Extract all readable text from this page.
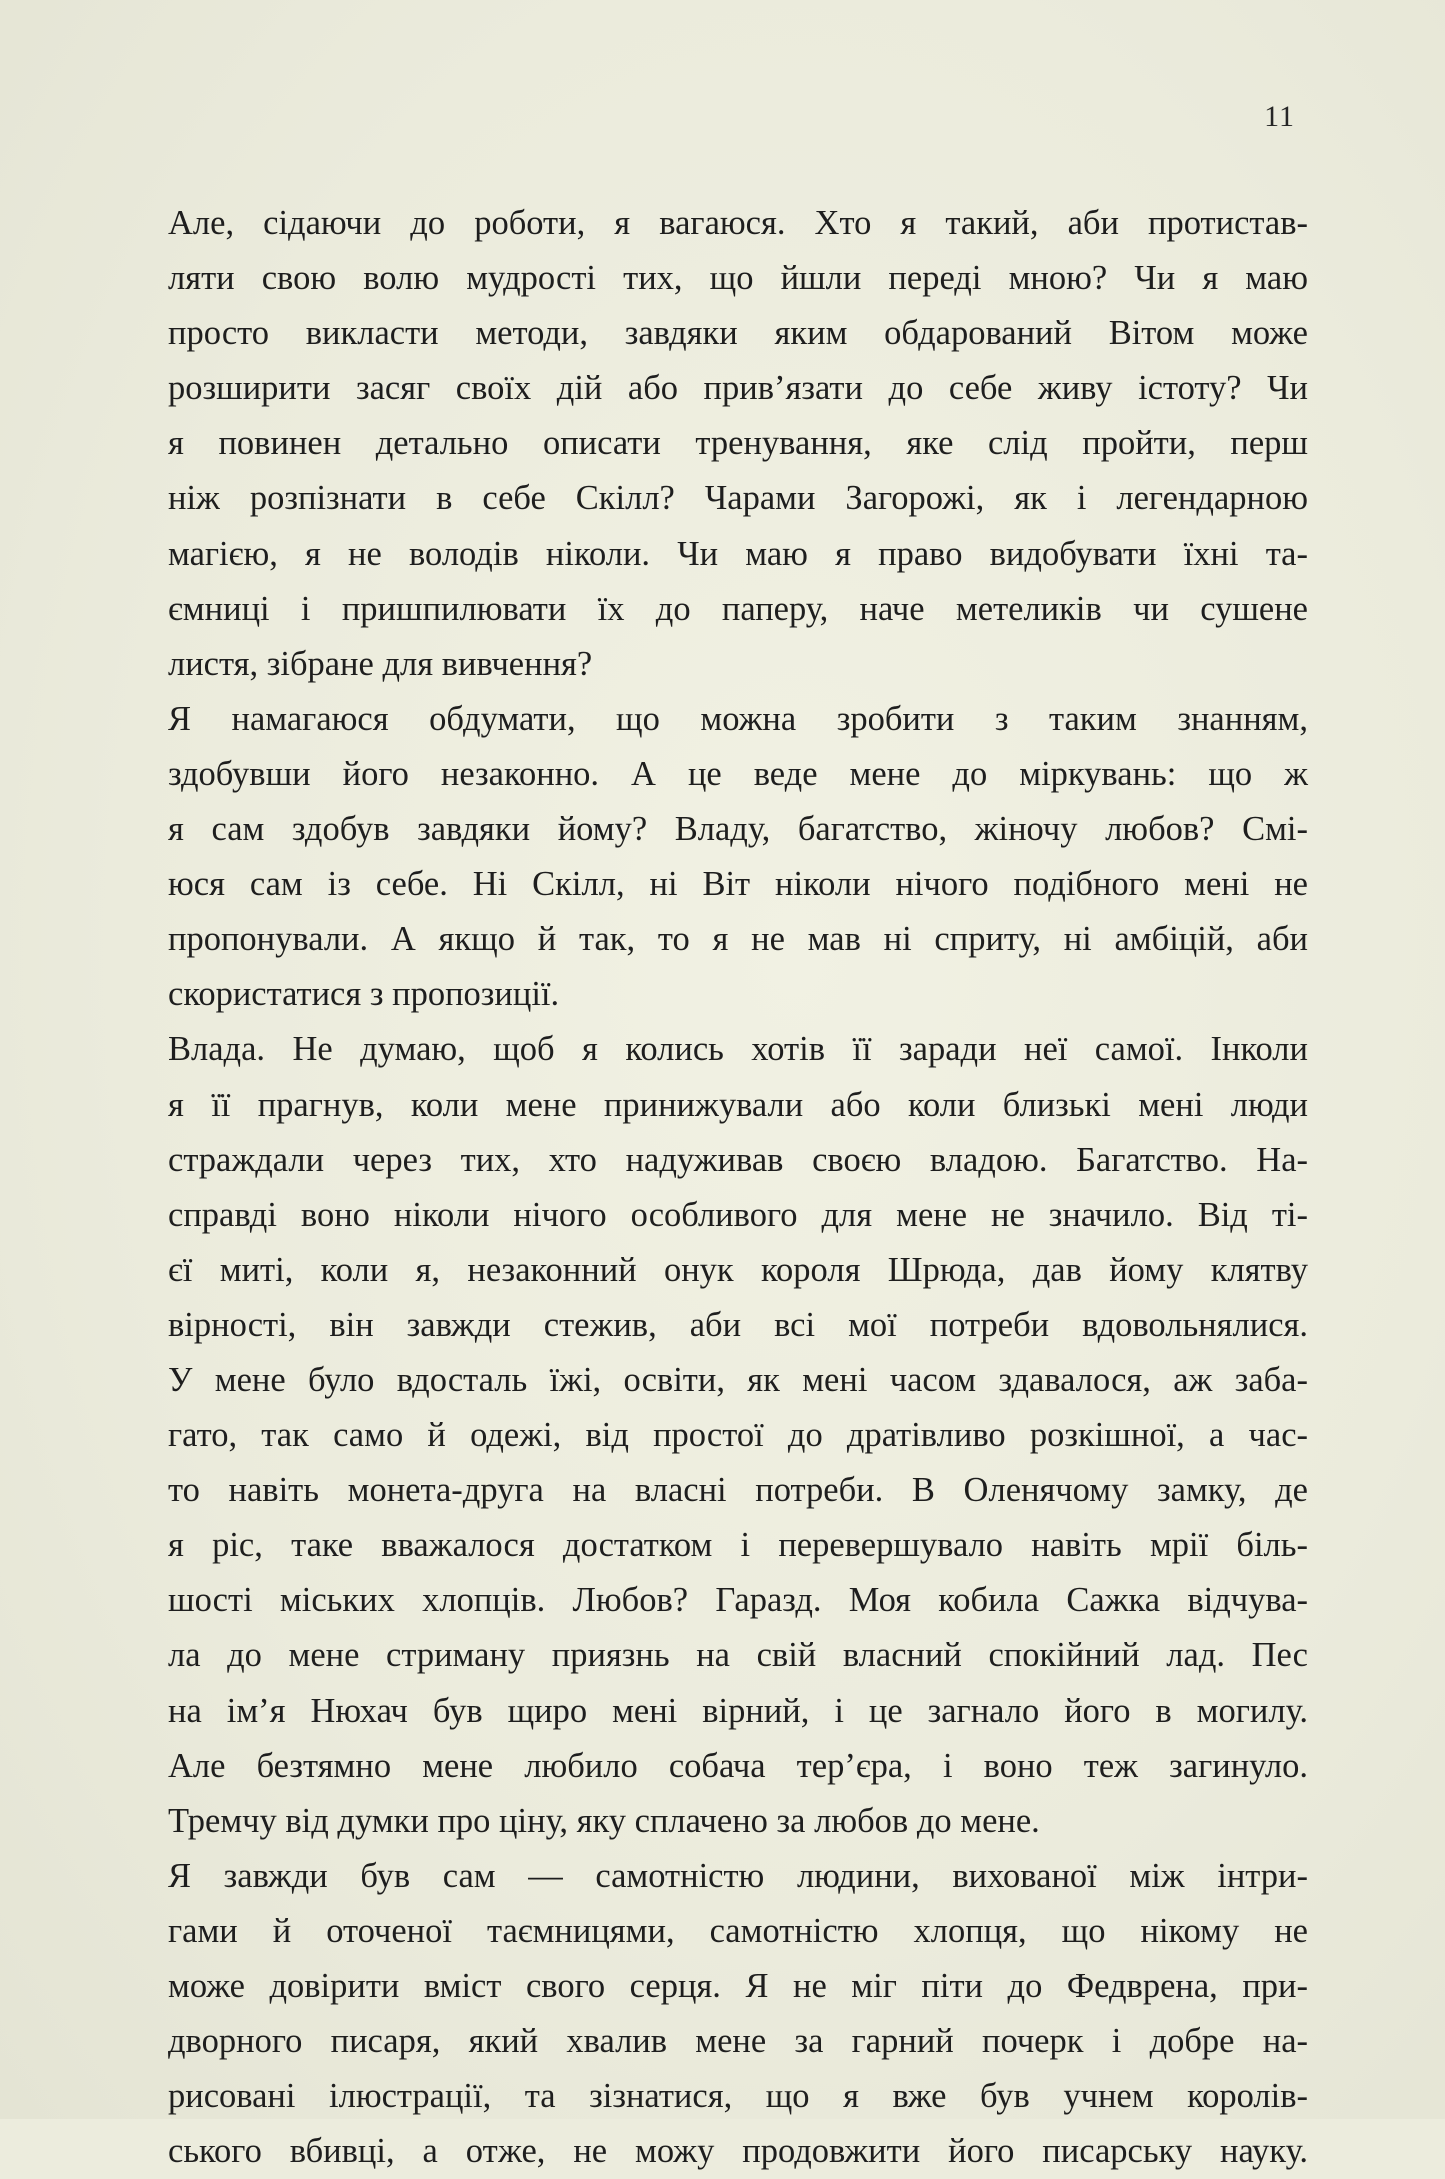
11

Але, сідаючи до роботи, я вагаюся. Хто я такий, аби протистав-
ляти свою волю мудрості тих, що йшли переді мною? Чи я маю
просто викласти методи, завдяки яким обдарований Вітом може
розширити засяг своїх дій або прив’язати до себе живу істоту? Чи
я повинен детально описати тренування, яке слід пройти, перш
ніж розпізнати в себе Скілл? Чарами Загорожі, як і легендарною
магією, я не володів ніколи. Чи маю я право видобувати їхні та-
ємниці і пришпилювати їх до паперу, наче метеликів чи сушене
листя, зібране для вивчення?

Я намагаюся обдумати, що можна зробити з таким знанням,
здобувши його незаконно. А це веде мене до міркувань: що ж
я сам здобув завдяки йому? Владу, багатство, жіночу любов? Смі-
юся сам із себе. Ні Скілл, ні Віт ніколи нічого подібного мені не
пропонували. А якщо й так, то я не мав ні сприту, ні амбіцій, аби
скористатися з пропозиції.

Влада. Не думаю, щоб я колись хотів її заради неї самої. Інколи
я її прагнув, коли мене принижували або коли близькі мені люди
страждали через тих, хто надуживав своєю владою. Багатство. На-
справді воно ніколи нічого особливого для мене не значило. Від ті-
єї миті, коли я, незаконний онук короля Шрюда, дав йому клятву
вірності, він завжди стежив, аби всі мої потреби вдовольнялися.
У мене було вдосталь їжі, освіти, як мені часом здавалося, аж заба-
гато, так само й одежі, від простої до дратівливо розкішної, а час-
то навіть монета-друга на власні потреби. В Оленячому замку, де
я ріс, таке вважалося достатком і перевершувало навіть мрії біль-
шості міських хлопців. Любов? Гаразд. Моя кобила Сажка відчува-
ла до мене стриману приязнь на свій власний спокійний лад. Пес
на ім’я Нюхач був щиро мені вірний, і це загнало його в могилу.
Але безтямно мене любило собача тер’єра, і воно теж загинуло.
Тремчу від думки про ціну, яку сплачено за любов до мене.

Я завжди був сам — самотністю людини, вихованої між інтри-
гами й оточеної таємницями, самотністю хлопця, що нікому не
може довірити вміст свого серця. Я не міг піти до Федврена, при-
дворного писаря, який хвалив мене за гарний почерк і добре на-
рисовані ілюстрації, та зізнатися, що я вже був учнем королів-
ського вбивці, а отже, не можу продовжити його писарську науку.
